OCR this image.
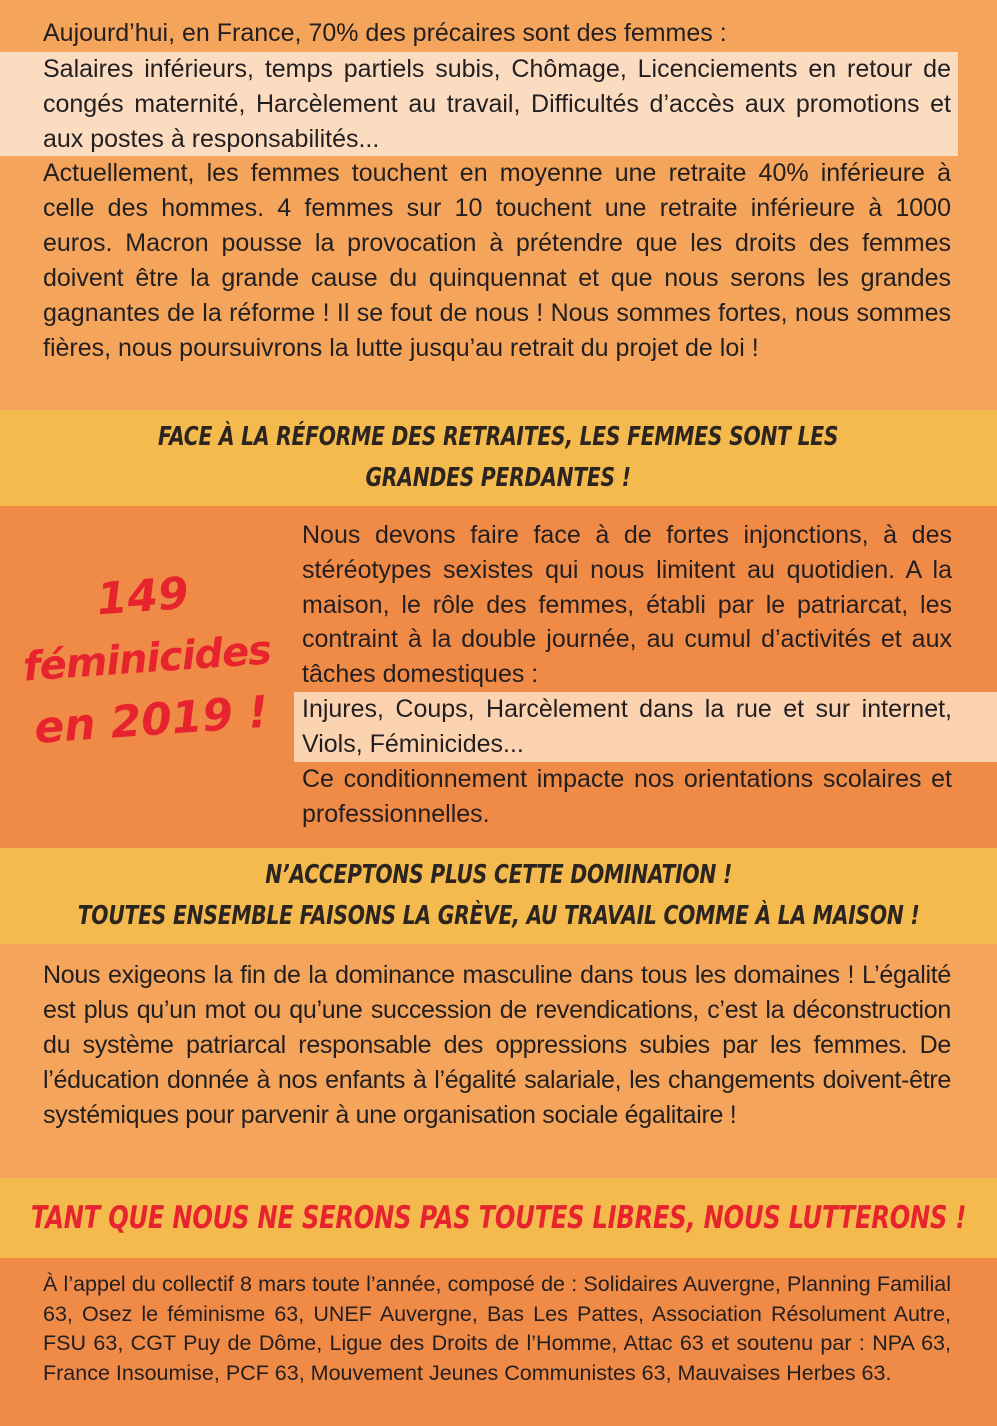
Aujourd’hui, en France, 70% des précaires sont des femmes :

Salaires inférieurs, temps partiels subis, Chômage, Licenciements en retour de congés maternité, Harcèlement au travail, Difficultés d’accès aux promotions et aux postes à responsabilités...

Actuellement, les femmes touchent en moyenne une retraite 40% inférieure à celle des hommes. 4 femmes sur 10 touchent une retraite inférieure à 1000 euros. Macron pousse la provocation à prétendre que les droits des femmes doivent être la grande cause du quinquennat et que nous serons les grandes gagnantes de la réforme ! Il se fout de nous ! Nous sommes fortes, nous sommes fières, nous poursuivrons la lutte jusqu’au retrait du projet de loi !

FACE À LA RÉFORME DES RETRAITES, LES FEMMES SONT LES
GRANDES PERDANTES !
149
féminicides
en 2019 !

Nous devons faire face à de fortes injonctions, à des stéréotypes sexistes qui nous limitent au quotidien. A la maison, le rôle des femmes, établi par le patriarcat, les contraint à la double journée, au cumul d’activités et aux tâches domestiques :

Injures, Coups, Harcèlement dans la rue et sur internet, Viols, Féminicides...

Ce conditionnement impacte nos orientations scolaires et professionnelles.

N’ACCEPTONS PLUS CETTE DOMINATION !
TOUTES ENSEMBLE FAISONS LA GRÈVE, AU TRAVAIL COMME À LA MAISON !

Nous exigeons la fin de la dominance masculine dans tous les domaines ! L’égalité est plus qu’un mot ou qu’une succession de revendications, c’est la déconstruction du système patriarcal responsable des oppressions subies par les femmes. De l’éducation donnée à nos enfants à l’égalité salariale, les changements doivent-être systémiques pour parvenir à une organisation sociale égalitaire !

TANT QUE NOUS NE SERONS PAS TOUTES LIBRES, NOUS LUTTERONS !

À l’appel du collectif 8 mars toute l’année, composé de : Solidaires Auvergne, Planning Familial 63, Osez le féminisme 63, UNEF Auvergne, Bas Les Pattes, Association Résolument Autre, FSU 63, CGT Puy de Dôme, Ligue des Droits de l’Homme, Attac 63 et soutenu par : NPA 63, France Insoumise, PCF 63, Mouvement Jeunes Communistes 63, Mauvaises Herbes 63.
